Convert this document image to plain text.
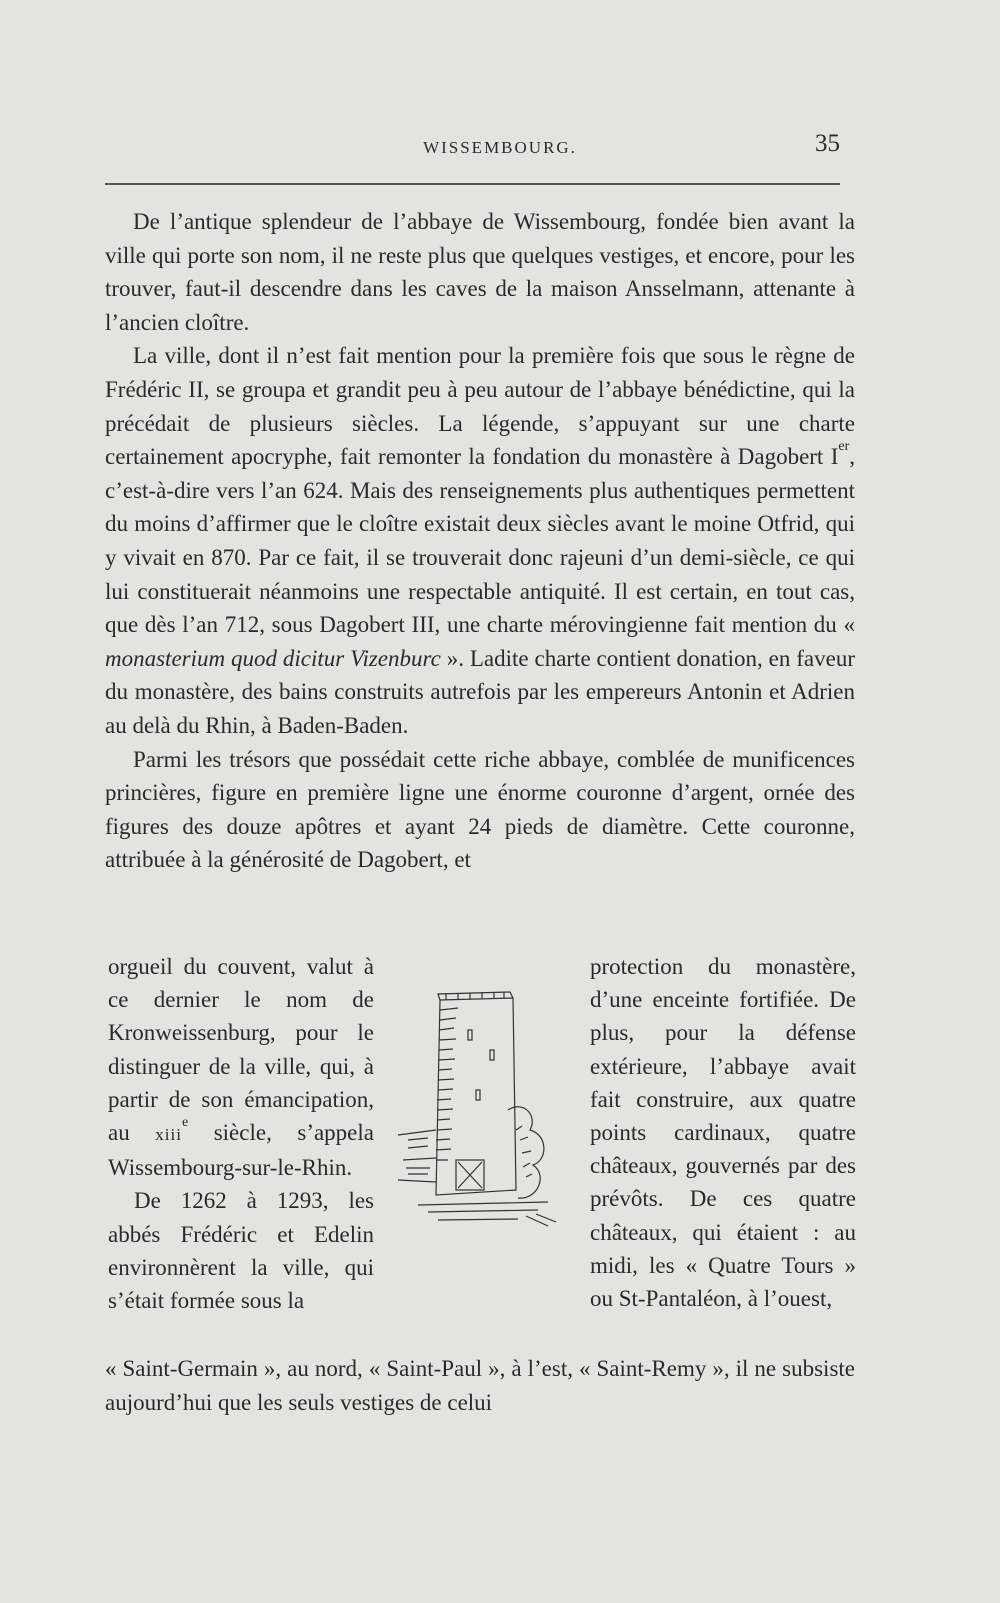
WISSEMBOURG.	35

De l’antique splendeur de l’abbaye de Wissembourg, fondée bien avant la ville qui porte son nom, il ne reste plus que quelques vestiges, et encore, pour les trouver, faut-il descendre dans les caves de la maison Ansselmann, attenante à l’ancien cloître.

La ville, dont il n’est fait mention pour la première fois que sous le règne de Frédéric II, se groupa et grandit peu à peu autour de l’abbaye bénédictine, qui la précédait de plusieurs siècles. La légende, s’appuyant sur une charte certainement apocryphe, fait remonter la fondation du monastère à Dagobert Ier, c’est-à-dire vers l’an 624. Mais des renseignements plus authentiques permettent du moins d’affirmer que le cloître existait deux siècles avant le moine Otfrid, qui y vivait en 870. Par ce fait, il se trouverait donc rajeuni d’un demi-siècle, ce qui lui constituerait néanmoins une respectable antiquité. Il est certain, en tout cas, que dès l’an 712, sous Dagobert III, une charte mérovingienne fait mention du « monasterium quod dicitur Vizenburc ». Ladite charte contient donation, en faveur du monastère, des bains construits autrefois par les empereurs Antonin et Adrien au delà du Rhin, à Baden-Baden.

Parmi les trésors que possédait cette riche abbaye, comblée de munificences princières, figure en première ligne une énorme couronne d’argent, ornée des figures des douze apôtres et ayant 24 pieds de diamètre. Cette couronne, attribuée à la générosité de Dagobert, et

orgueil du couvent, valut à ce dernier le nom de Kronweissenburg, pour le distinguer de la ville, qui, à partir de son émancipation, au xiii$^e$ siècle, s’appela Wissembourg-sur-le-Rhin.

De 1262 à 1293, les abbés Frédéric et Edelin environnèrent la ville, qui s’était formée sous la

protection du monastère, d’une enceinte fortifiée. De plus, pour la défense extérieure, l’abbaye avait fait construire, aux quatre points cardinaux, quatre châteaux, gouvernés par des prévôts. De ces quatre châteaux, qui étaient : au midi, les « Quatre Tours » ou St-Pantaléon, à l’ouest,

« Saint-Germain », au nord, « Saint-Paul », à l’est, « Saint-Remy », il ne subsiste aujourd’hui que les seuls vestiges de celui
